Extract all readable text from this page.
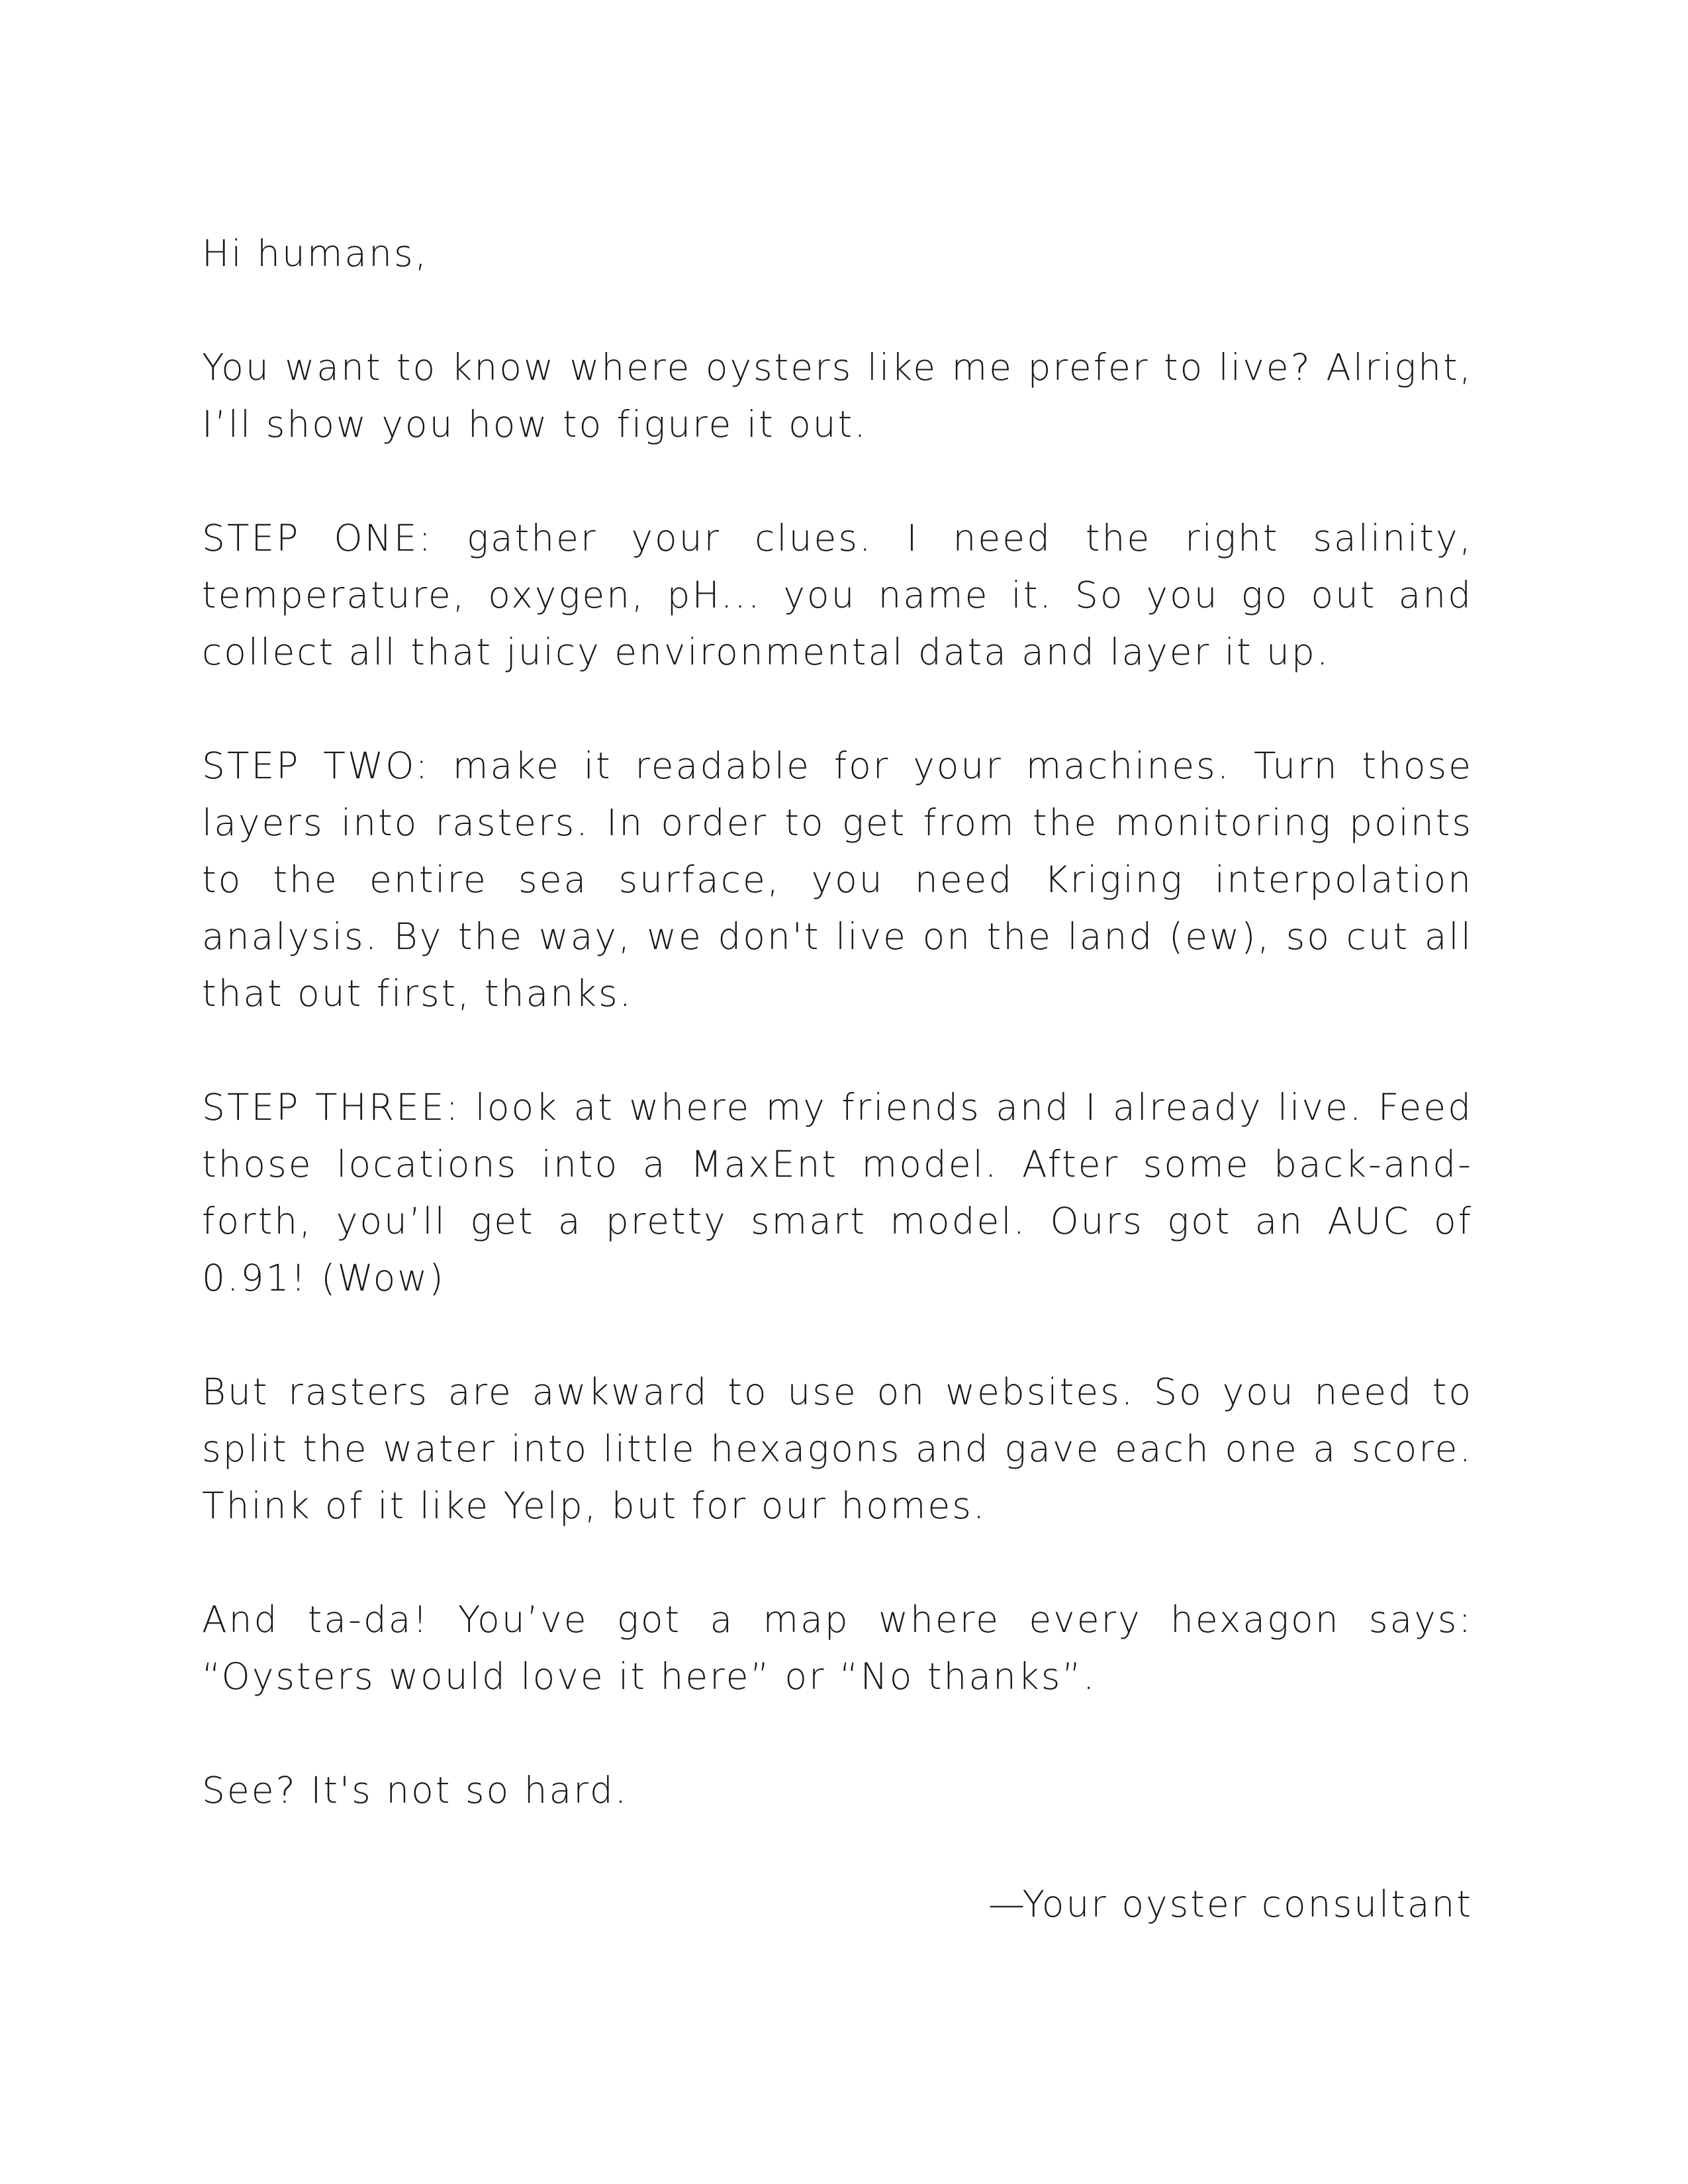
Hi humans,

You want to know where oysters like me prefer to live? Alright, I’ll show you how to figure it out.

STEP ONE: gather your clues. I need the right salinity, temperature, oxygen, pH... you name it. So you go out and collect all that juicy environmental data and layer it up.

STEP TWO: make it readable for your machines. Turn those layers into rasters. In order to get from the monitoring points to the entire sea surface, you need Kriging interpolation analysis. By the way, we don't live on the land (ew), so cut all that out first, thanks.

STEP THREE: look at where my friends and I already live. Feed those locations into a MaxEnt model. After some back-and-forth, you’ll get a pretty smart model. Ours got an AUC of 0.91! (Wow)

But rasters are awkward to use on websites. So you need to split the water into little hexagons and gave each one a score. Think of it like Yelp, but for our homes.

And ta-da! You’ve got a map where every hexagon says: “Oysters would love it here” or “No thanks”.

See? It's not so hard.

—Your oyster consultant
